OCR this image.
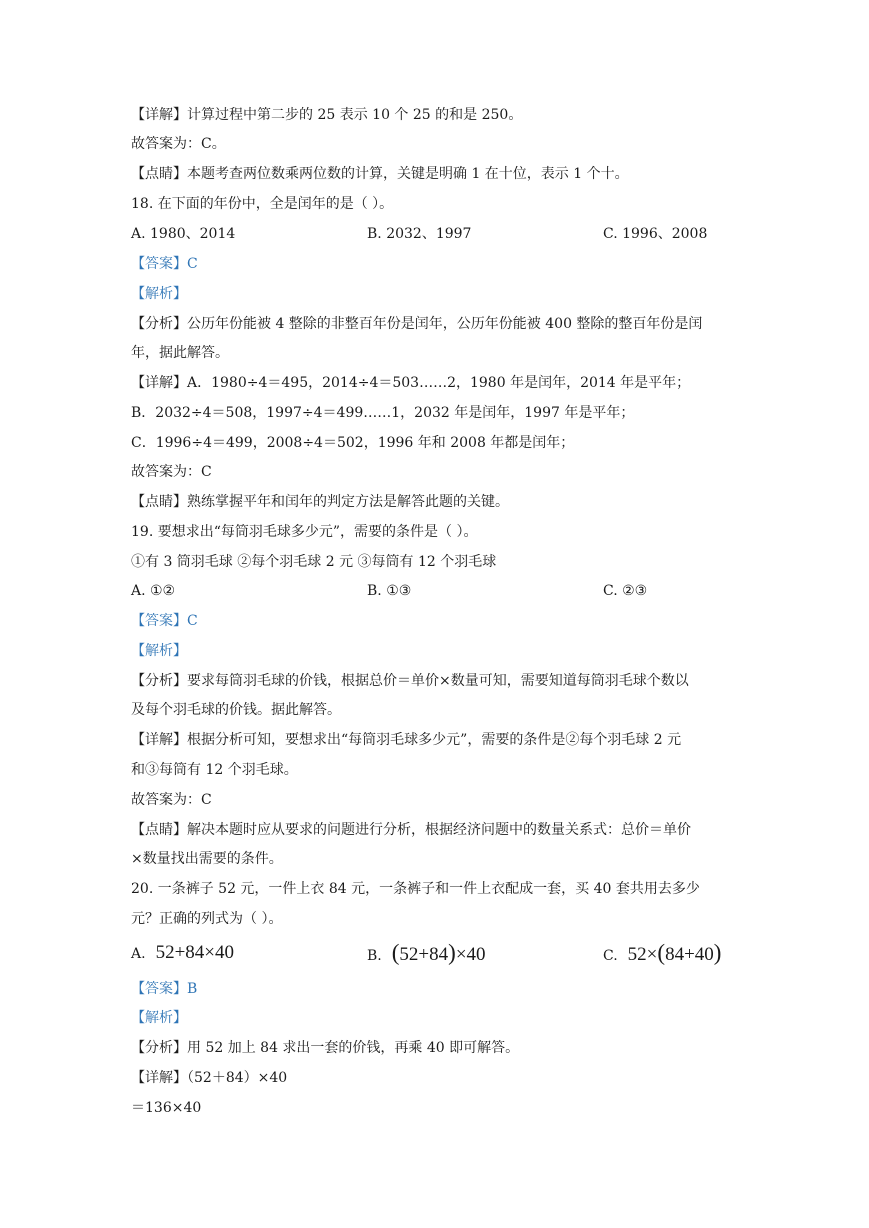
【详解】计算过程中第二步的 25 表示 10 个 25 的和是 250。
故答案为：C。
【点睛】本题考查两位数乘两位数的计算，关键是明确 1 在十位，表示 1 个十。
18. 在下面的年份中，全是闰年的是（ ）。
A. 1980、2014	B. 2032、1997	C. 1996、2008
【答案】C
【解析】
【分析】公历年份能被 4 整除的非整百年份是闰年，公历年份能被 400 整除的整百年份是闰
年，据此解答。
【详解】A．1980÷4＝495，2014÷4＝503……2，1980 年是闰年，2014 年是平年；
B．2032÷4＝508，1997÷4＝499……1，2032 年是闰年，1997 年是平年；
C．1996÷4＝499，2008÷4＝502，1996 年和 2008 年都是闰年；
故答案为：C
【点睛】熟练掌握平年和闰年的判定方法是解答此题的关键。
19. 要想求出“每筒羽毛球多少元”，需要的条件是（ ）。
①有 3 筒羽毛球 ②每个羽毛球 2 元 ③每筒有 12 个羽毛球
A. ①②	B. ①③	C. ②③
【答案】C
【解析】
【分析】要求每筒羽毛球的价钱，根据总价＝单价×数量可知，需要知道每筒羽毛球个数以
及每个羽毛球的价钱。据此解答。
【详解】根据分析可知，要想求出“每筒羽毛球多少元”，需要的条件是②每个羽毛球 2 元
和③每筒有 12 个羽毛球。
故答案为：C
【点睛】解决本题时应从要求的问题进行分析，根据经济问题中的数量关系式：总价＝单价
×数量找出需要的条件。
20. 一条裤子 52 元，一件上衣 84 元，一条裤子和一件上衣配成一套，买 40 套共用去多少
元？正确的列式为（ ）。
A. 52+84×40	B. (52+84)×40	C. 52×(84+40)
【答案】B
【解析】
【分析】用 52 加上 84 求出一套的价钱，再乘 40 即可解答。
【详解】（52＋84）×40
＝136×40
